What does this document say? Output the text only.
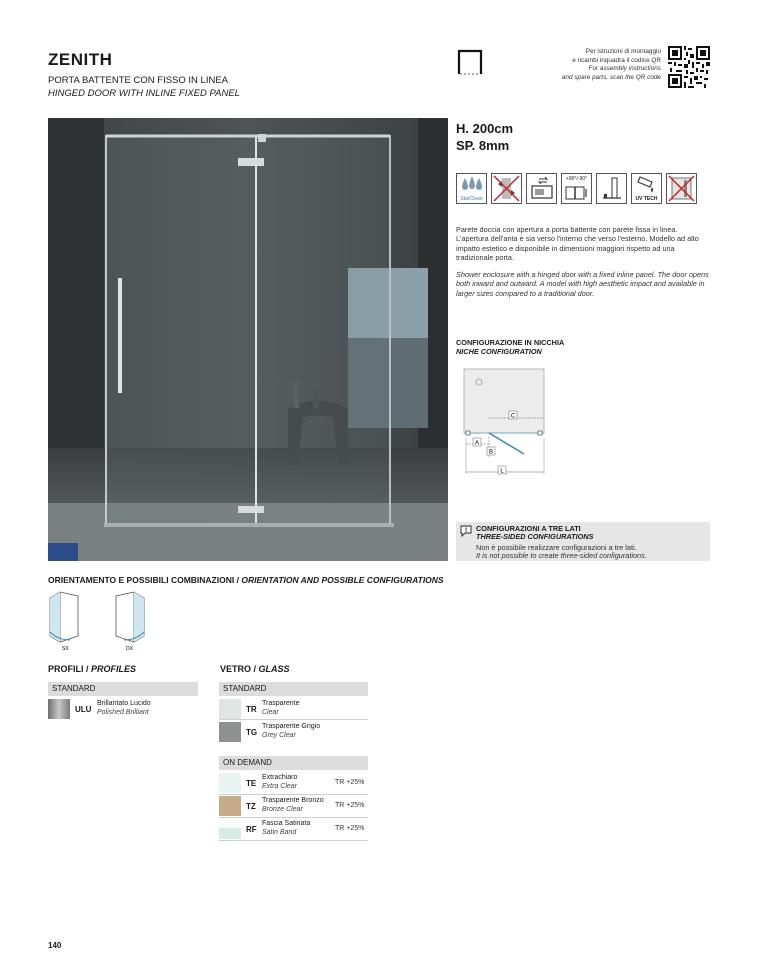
ZENITH
PORTA BATTENTE CON FISSO IN LINEA
HINGED DOOR WITH INLINE FIXED PANEL
Per istruzioni di montaggio
e ricambi inquadra il codice QR
For assembly instructions
and spare parts, scan the QR code
H. 200cm
SP. 8mm
StarClean
+90°/-90°
UV TECH
Parete doccia con apertura a porta battente con parete fissa in linea. L'apertura dell'anta è sia verso l'interno che verso l'esterno. Modello ad alto impatto estetico e disponibile in dimensioni maggiori rispetto ad una tradizionale porta.
Shower enclosure with a hinged door with a fixed inline panel. The door opens both inward and outward. A model with high aesthetic impact and available in larger sizes compared to a traditional door.
CONFIGURAZIONE IN NICCHIA
NICHE CONFIGURATION
C
A
B
L
CONFIGURAZIONI A TRE LATI
THREE-SIDED CONFIGURATIONS
Non è possibile realizzare configurazioni a tre lati.
It is not possible to create three-sided configurations.
ORIENTAMENTO E POSSIBILI COMBINAZIONI / ORIENTATION AND POSSIBLE CONFIGURATIONS
SX	DX
PROFILI / PROFILES
STANDARD
ULU
Brillantato Lucido
Polished Brilliant
VETRO / GLASS
STANDARD
TR
Trasparente
Clear
TG
Trasparente Grigio
Grey Clear
ON DEMAND
TE
Extrachiaro
Extra Clear
TR +25%
TZ
Trasparente Bronzo
Bronze Clear
TR +25%
RF
Fascia Satinata
Satin Band
TR +25%
140
